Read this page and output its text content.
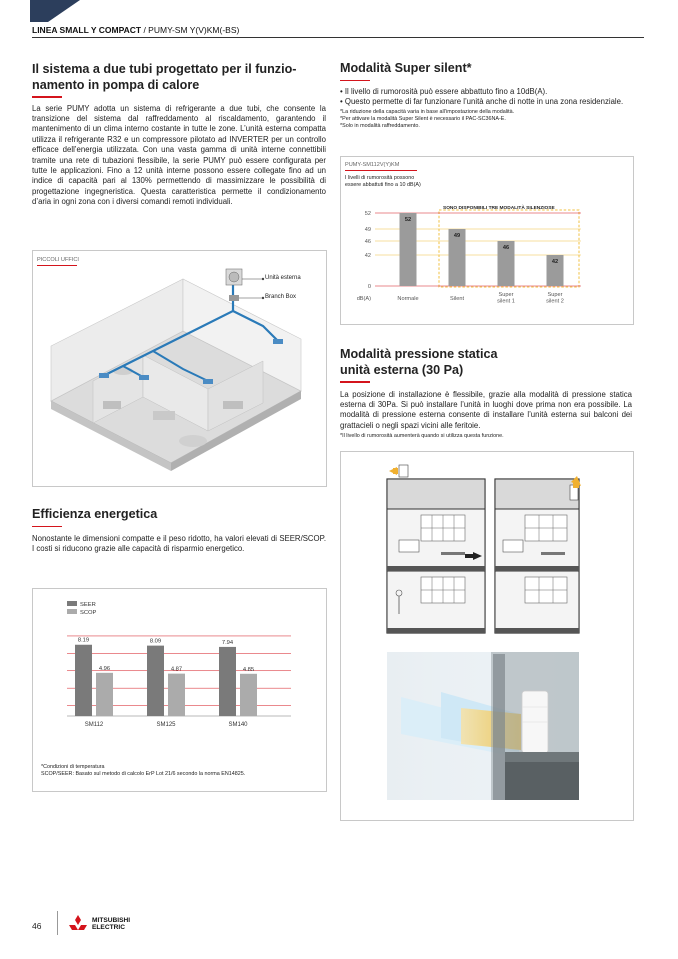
LINEA SMALL Y COMPACT / PUMY-SM Y(V)KM(-BS)
Il sistema a due tubi progettato per il funzio-
namento in pompa di calore

La serie PUMY adotta un sistema di refrigerante a due tubi, che consente la transizione del sistema dal raffreddamento al riscaldamento, garantendo il mantenimento di un clima interno costante in tutte le zone. L’unità esterna compatta utilizza il refrigerante R32 e un compressore pilotato ad INVERTER per un controllo efficace dell’energia utilizzata. Con una vasta gamma di unità interne connettibili tramite una rete di tubazioni flessibile, la serie PUMY può essere configurata per tutte le applicazioni. Fino a 12 unità interne possono essere collegate fino ad un indice di capacità pari al 130% permettendo di massimizzare le possibilità di progettazione ingegneristica. Questa caratteristica permette il condizionamento d’aria in ogni zona con i diversi comandi remoti individuali.

PICCOLI UFFICI
Unità esterna
Branch Box
Efficienza energetica

Nonostante le dimensioni compatte e il peso ridotto, ha valori elevati di SEER/SCOP. I costi si riducono grazie alle capacità di risparmio energetico.

SEER
SCOP
8.19
4.96
SM112
8.09
4.87
SM125
7.94
4.85
SM140
*Condizioni di temperatura
SCOP/SEER: Basato sul metodo di calcolo ErP Lot 21/6 secondo la norma EN14825.
Modalità Super silent*
• Il livello di rumorosità può essere abbattuto fino a 10dB(A).
• Questo permette di far funzionare l’unità anche di notte in una zona residenziale.
*La riduzione della capacità varia in base all’impostazione della modalità.
*Per attivare la modalità Super Silent è necessario il PAC-SC36NA-E.
*Solo in modalità raffreddamento.
PUMY-SM112V(Y)KM
I livelli di rumorosità possono
essere abbattuti fino a 10 dB(A)
SONO DISPONIBILI TRE MODALITÀ SILENZIOSE
0
42
46
49
52
dB(A)
52
Normale
49
Silent
46
Super
silent 1
42
Super
silent 2
Modalità pressione statica
unità esterna (30 Pa)

La posizione di installazione è flessibile, grazie alla modalità di pressione statica esterna di 30Pa. Si può installare l’unità in luoghi dove prima non era possibile. La modalità di pressione esterna consente di installare l’unità esterna sui balconi dei grattacieli o negli spazi vicini alle feritoie.

*Il livello di rumorosità aumenterà quando si utilizza questa funzione.
46
MITSUBISHI
ELECTRIC
